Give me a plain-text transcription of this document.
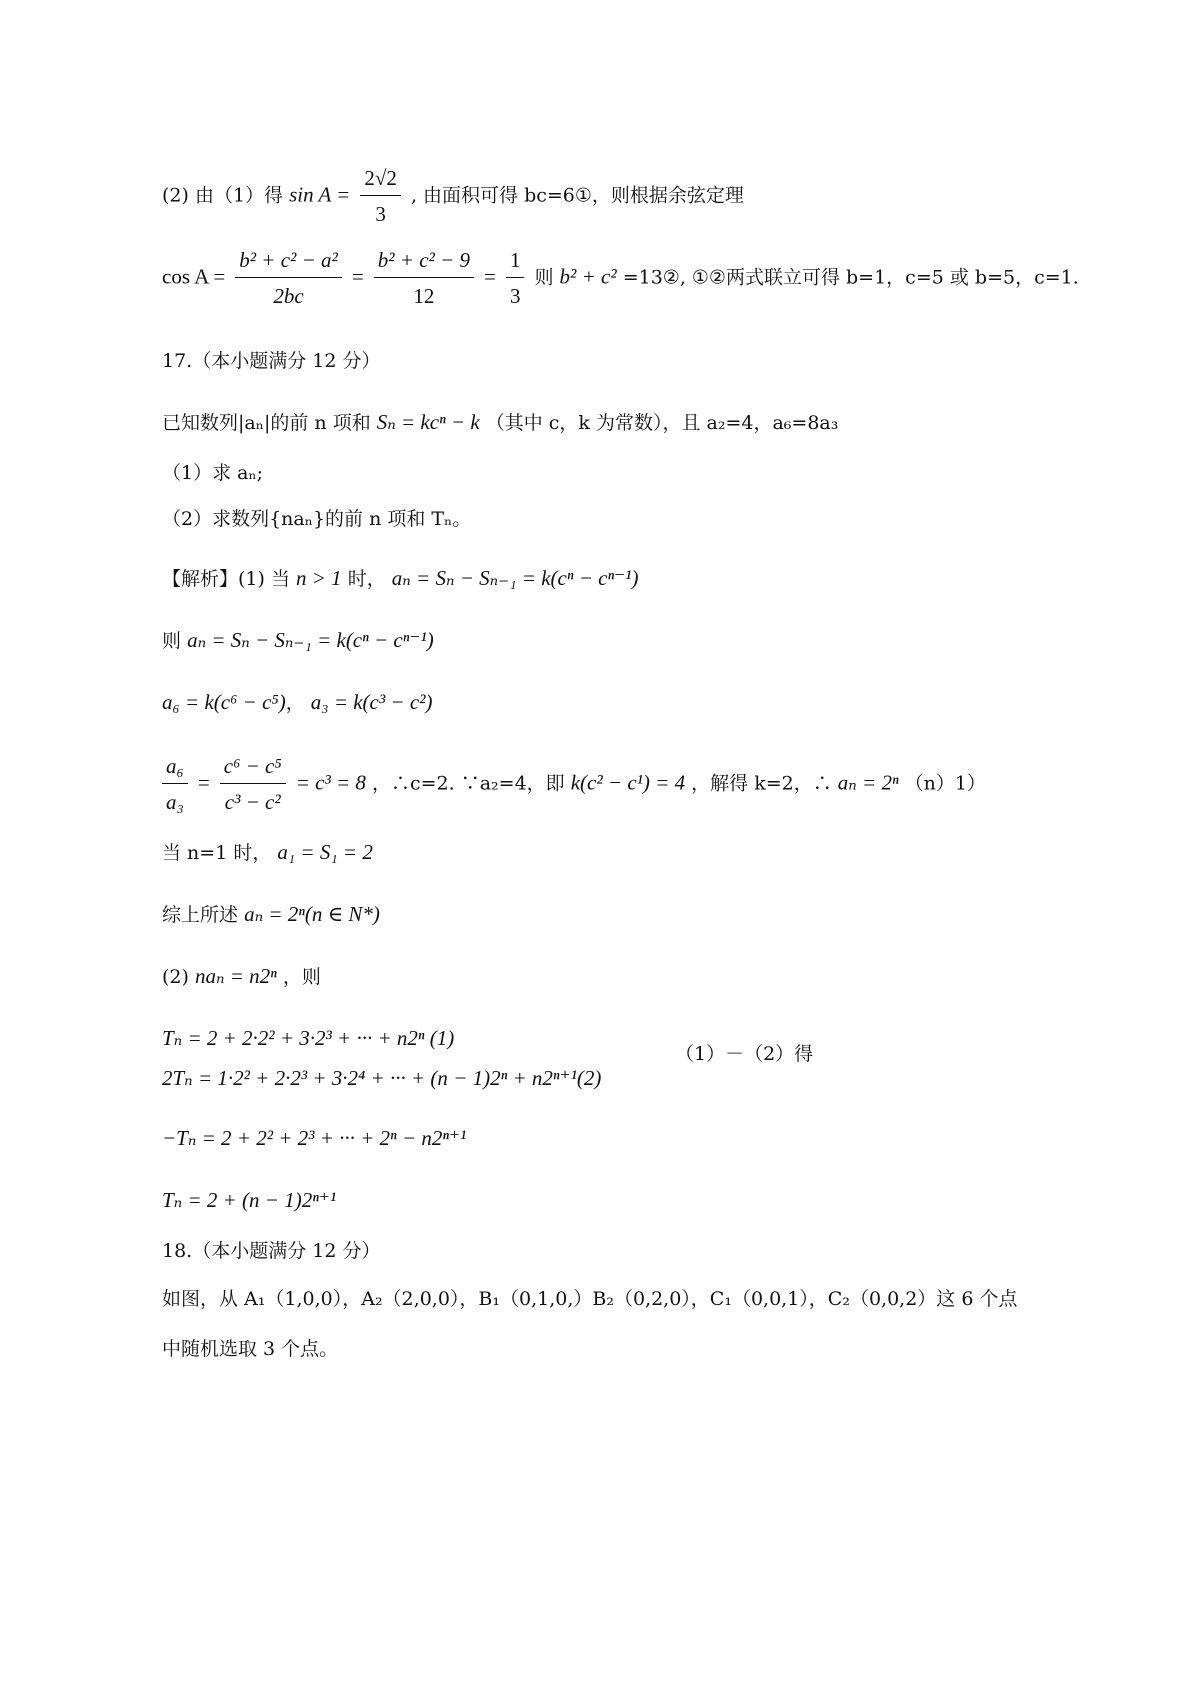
(2) 由（1）得 $\sin A = \frac{2√2}{3}$ , 由面积可得 bc=6①，则根据余弦定理
$\cos A = \frac{\text{b² + c² − a²}}{2bc} = \frac{\text{b² + c² − 9}}{12} = \frac{1}{3}$ 则 b² + c² =13②, ①②两式联立可得 b=1，c=5 或 b=5，c=1.
17.（本小题满分 12 分）
已知数列|aₙ|的前 n 项和 Sₙ = kcⁿ − k （其中 c，k 为常数），且 a₂=4，a₆=8a₃
（1）求 aₙ;
（2）求数列{naₙ}的前 n 项和 Tₙ。
【解析】(1) 当 n > 1 时， aₙ = Sₙ − Sₙ₋₁ = k(cⁿ − cⁿ⁻¹)
则 aₙ = Sₙ − Sₙ₋₁ = k(cⁿ − cⁿ⁻¹)
a₆ = k(c⁶ − c⁵)， a₃ = k(c³ − c²)
$\frac{\text{a₆}}{\text{a₃}} = \frac{\text{c⁶ − c⁵}}{\text{c³ − c²}} = c^3 = 8$ ，∴c=2. ∵a₂=4，即 k(c² − c¹) = 4 ，解得 k=2，∴ aₙ = 2ⁿ （n）1）
当 n=1 时， a₁ = S₁ = 2
综上所述 aₙ = 2ⁿ(n ∈ N*)
(2) naₙ = n2ⁿ ，则
Tₙ = 2 + 2·2² + 3·2³ + ··· + n2ⁿ (1)
2Tₙ = 1·2² + 2·2³ + 3·2⁴ + ··· + (n − 1)2ⁿ + n2ⁿ⁺¹(2)
（1）－（2）得
−Tₙ = 2 + 2² + 2³ + ··· + 2ⁿ − n2ⁿ⁺¹
Tₙ = 2 + (n − 1)2ⁿ⁺¹
18.（本小题满分 12 分）
如图，从 A₁（1,0,0），A₂（2,0,0），B₁（0,1,0,）B₂（0,2,0），C₁（0,0,1），C₂（0,0,2）这 6 个点
中随机选取 3 个点。
